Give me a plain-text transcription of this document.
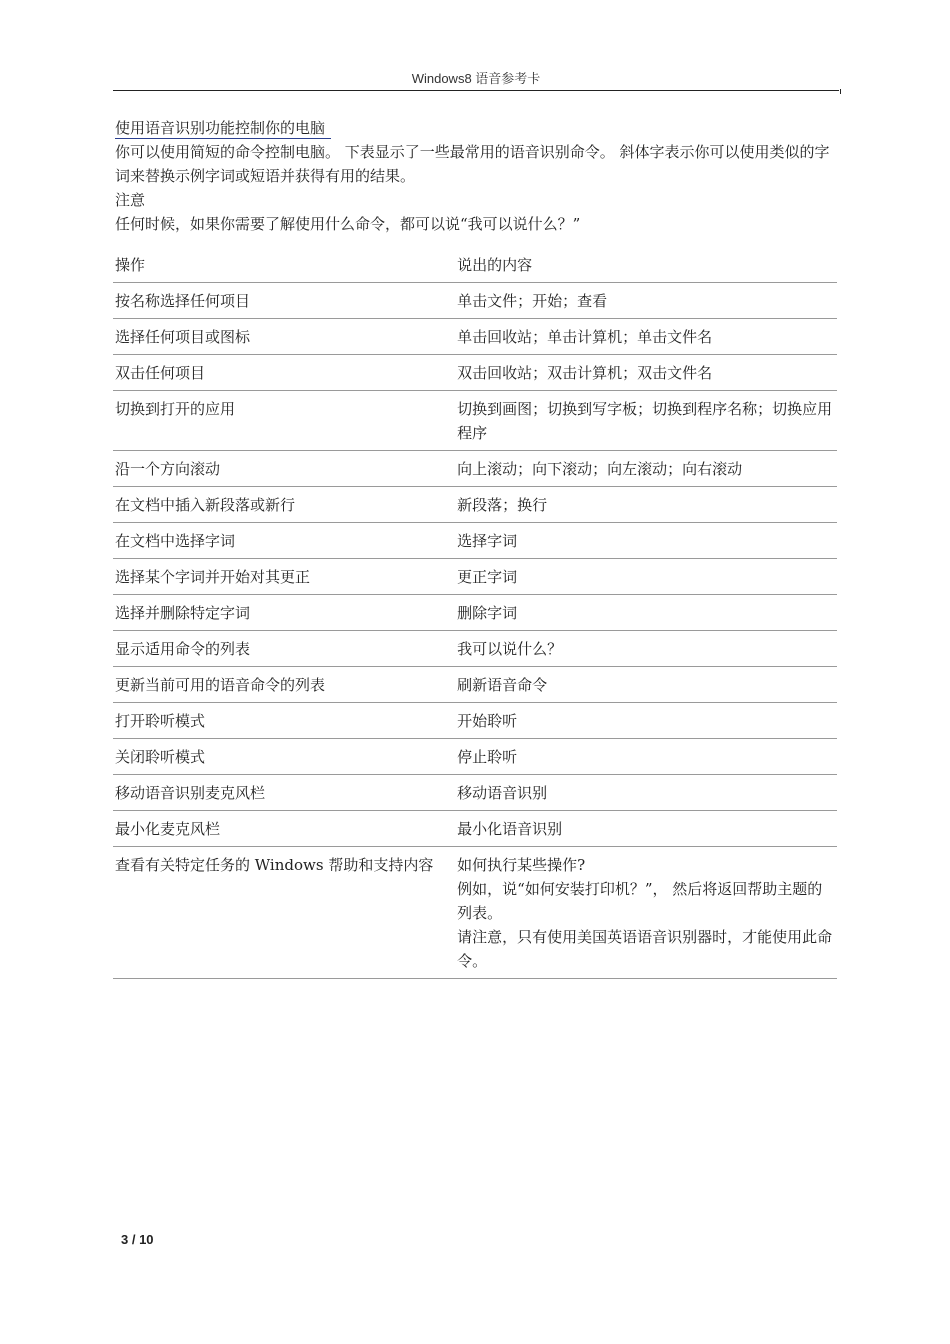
Windows8 语音参考卡
使用语音识别功能控制你的电脑

你可以使用简短的命令控制电脑。 下表显示了一些最常用的语音识别命令。 斜体字表示你可以使用类似的字词来替换示例字词或短语并获得有用的结果。

注意

任何时候，如果你需要了解使用什么命令，都可以说“我可以说什么？”

操作	说出的内容
按名称选择任何项目	单击文件；开始；查看

选择任何项目或图标	单击回收站；单击计算机；单击文件名

双击任何项目	双击回收站；双击计算机；双击文件名

切换到打开的应用	切换到画图；切换到写字板；切换到程序名称；切换应用程序

沿一个方向滚动	向上滚动；向下滚动；向左滚动；向右滚动

在文档中插入新段落或新行	新段落；换行

在文档中选择字词	选择字词

选择某个字词并开始对其更正	更正字词

选择并删除特定字词	删除字词

显示适用命令的列表	我可以说什么？

更新当前可用的语音命令的列表	刷新语音命令

打开聆听模式	开始聆听

关闭聆听模式	停止聆听

移动语音识别麦克风栏	移动语音识别

最小化麦克风栏	最小化语音识别

查看有关特定任务的 Windows 帮助和支持内容	如何执行某些操作?
例如，说“如何安装打印机？”， 然后将返回帮助主题的列表。
请注意，只有使用美国英语语音识别器时，才能使用此命令。
3 / 10
